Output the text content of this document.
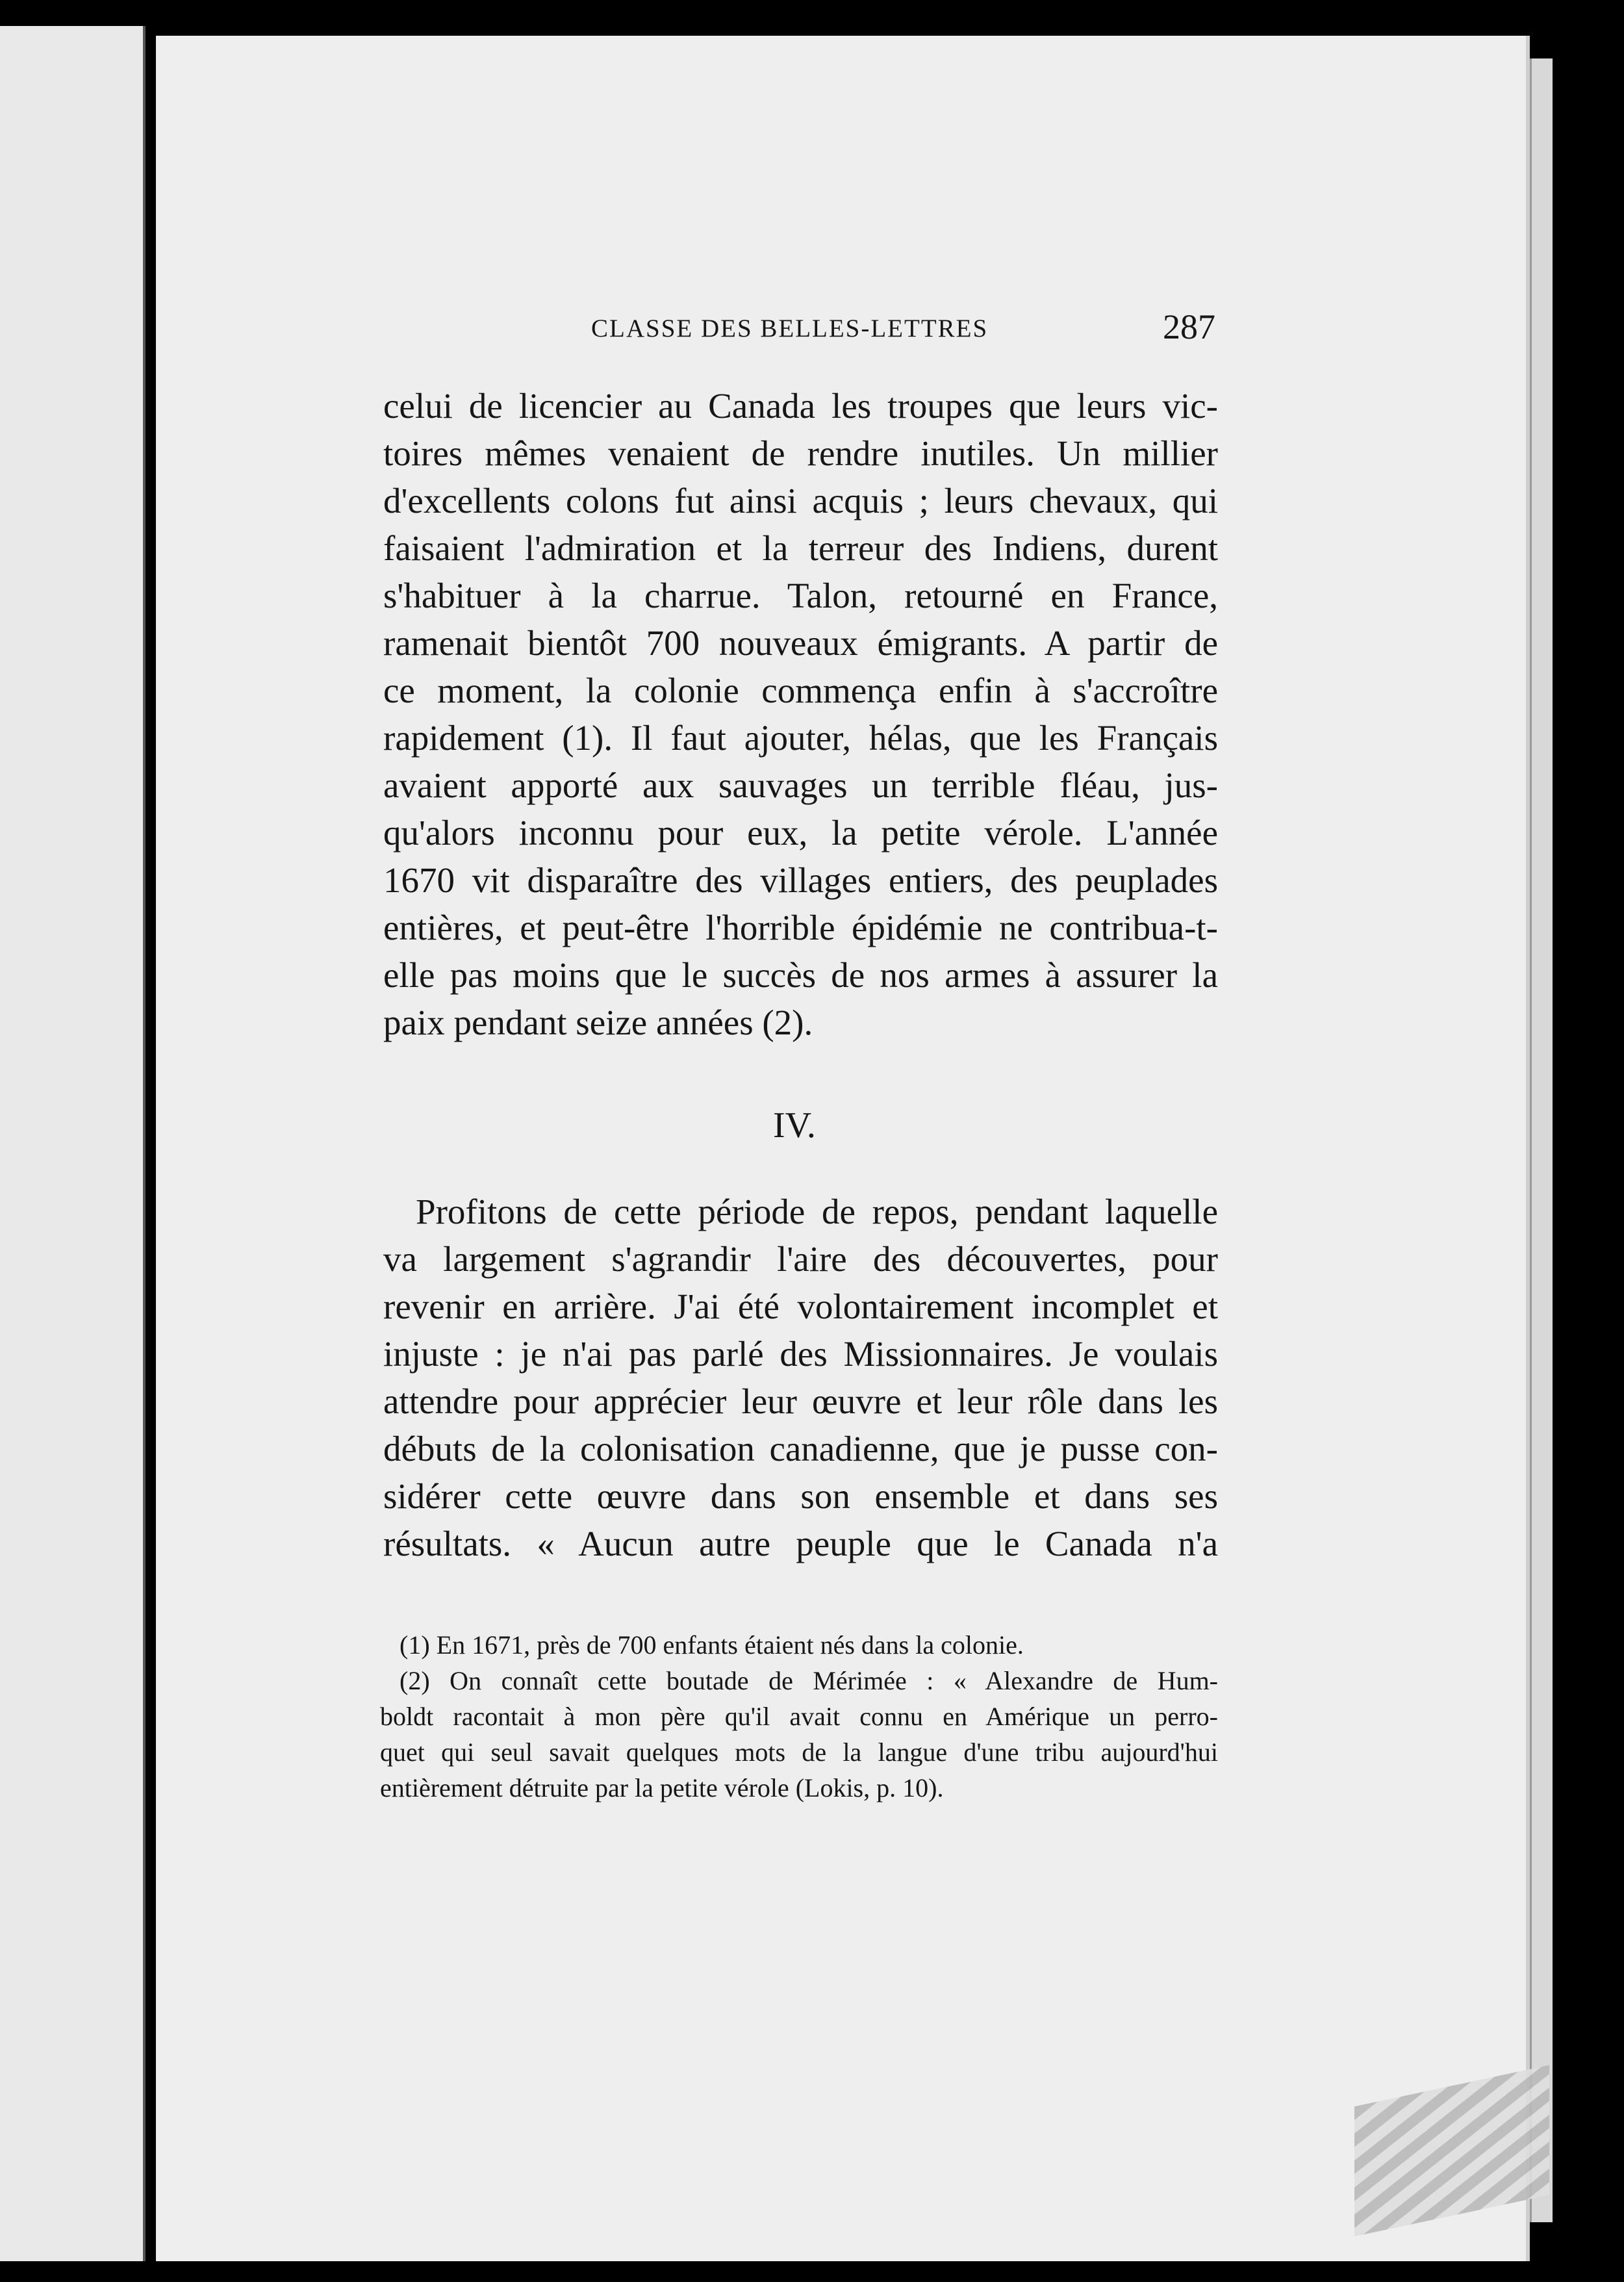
CLASSE DES BELLES-LETTRES	287
celui de licencier au Canada les troupes que leurs vic-
toires mêmes venaient de rendre inutiles. Un millier
d'excellents colons fut ainsi acquis ; leurs chevaux, qui
faisaient l'admiration et la terreur des Indiens, durent
s'habituer à la charrue. Talon, retourné en France,
ramenait bientôt 700 nouveaux émigrants. A partir de
ce moment, la colonie commença enfin à s'accroître
rapidement (1). Il faut ajouter, hélas, que les Français
avaient apporté aux sauvages un terrible fléau, jus-
qu'alors inconnu pour eux, la petite vérole. L'année
1670 vit disparaître des villages entiers, des peuplades
entières, et peut-être l'horrible épidémie ne contribua-t-
elle pas moins que le succès de nos armes à assurer la
paix pendant seize années (2).
IV.
Profitons de cette période de repos, pendant laquelle
va largement s'agrandir l'aire des découvertes, pour
revenir en arrière. J'ai été volontairement incomplet et
injuste : je n'ai pas parlé des Missionnaires. Je voulais
attendre pour apprécier leur œuvre et leur rôle dans les
débuts de la colonisation canadienne, que je pusse con-
sidérer cette œuvre dans son ensemble et dans ses
résultats. « Aucun autre peuple que le Canada n'a
(1) En 1671, près de 700 enfants étaient nés dans la colonie.
(2) On connaît cette boutade de Mérimée : « Alexandre de Hum-
boldt racontait à mon père qu'il avait connu en Amérique un perro-
quet qui seul savait quelques mots de la langue d'une tribu aujourd'hui
entièrement détruite par la petite vérole (Lokis, p. 10).
